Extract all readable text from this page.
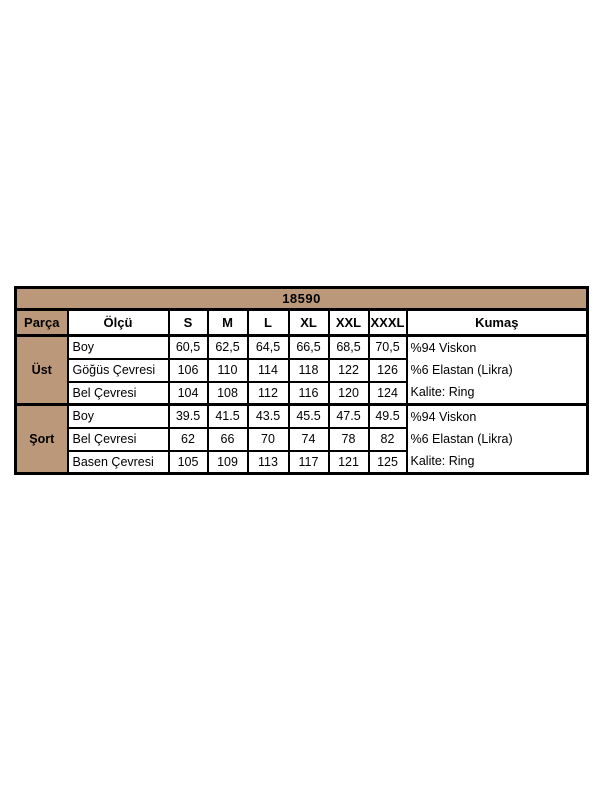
18590								
Parça	Ölçü	S	M	L	XL	XXL	XXXL	Kumaş
Üst	Boy	60,5	62,5	64,5	66,5	68,5	70,5	%94 Viskon
	Göğüs Çevresi	106	110	114	118	122	126	%6 Elastan (Likra)
	Bel Çevresi	104	108	112	116	120	124	Kalite: Ring
Şort	Boy	39.5	41.5	43.5	45.5	47.5	49.5	%94 Viskon
	Bel Çevresi	62	66	70	74	78	82	%6 Elastan (Likra)
	Basen Çevresi	105	109	113	117	121	125	Kalite: Ring
